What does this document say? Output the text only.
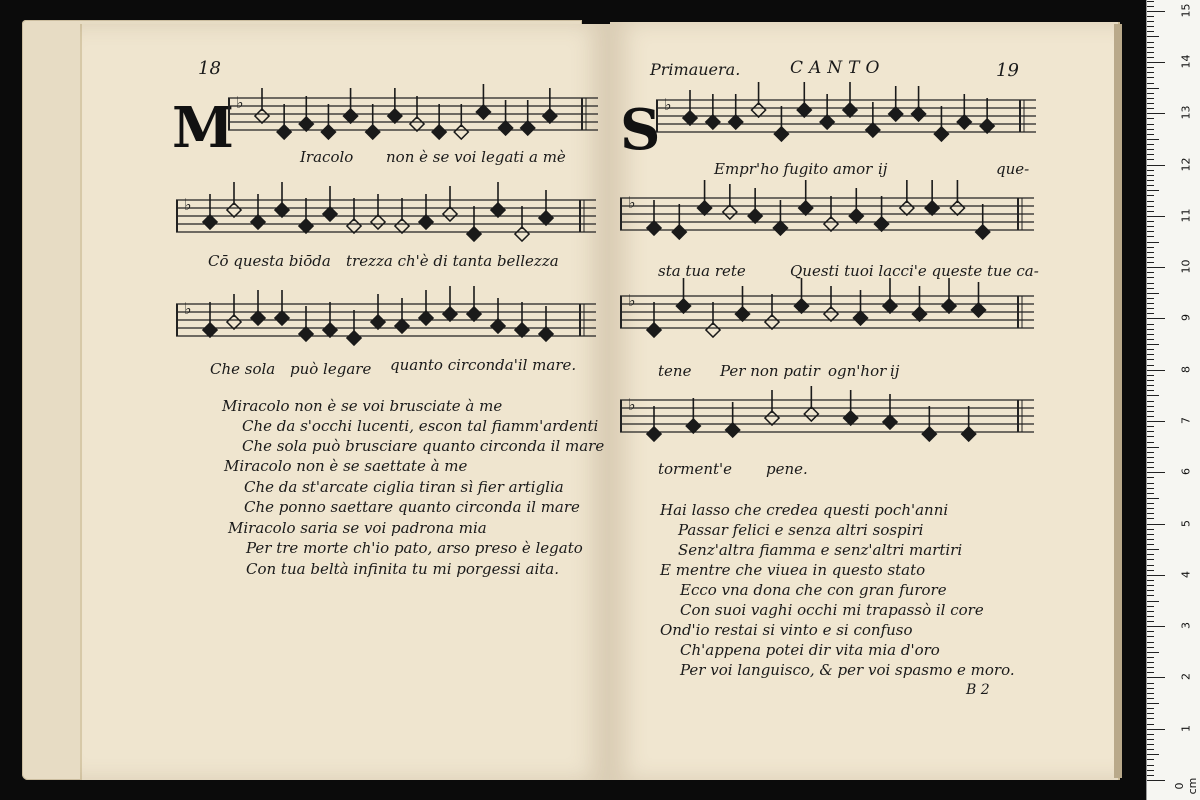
18
M ♭
Iracolo non è se voi legati a mè
♭
Cō questa biōda trezza ch'è di tanta bellezza
♭
Che sola può legare quanto circonda'il mare.
Miracolo non è se voi brusciate à me
Che da s'occhi lucenti, escon tal fiamm'ardenti
Che sola può brusciare quanto circonda il mare
Miracolo non è se saettate à me
Che da st'arcate ciglia tiran sì fier artiglia
Che ponno saettare quanto circonda il mare
Miracolo saria se voi padrona mia
Per tre morte ch'io pato, arso preso è legato
Con tua beltà infinita tu mi porgessi aita.
Primauera.	CANTO	19
S ♭
Empr'ho fugito amor ij	que-
♭
sta tua rete	Questi tuoi lacci'e queste tue ca-
♭
tene Per non patir ogn'hor ij
♭
torment'e pene.
Hai lasso che credea questi poch'anni
Passar felici e senza altri sospiri
Senz'altra fiamma e senz'altri martiri
E mentre che viuea in questo stato
Ecco vna dona che con gran furore
Con suoi vaghi occhi mi trapassò il core
Ond'io restai si vinto e si confuso
Ch'appena potei dir vita mia d'oro
Per voi languisco, & per voi spasmo e moro.
B 2
15
14
13
12
11
10
9
8
7
6
5
4
3
2
1
0 cm
